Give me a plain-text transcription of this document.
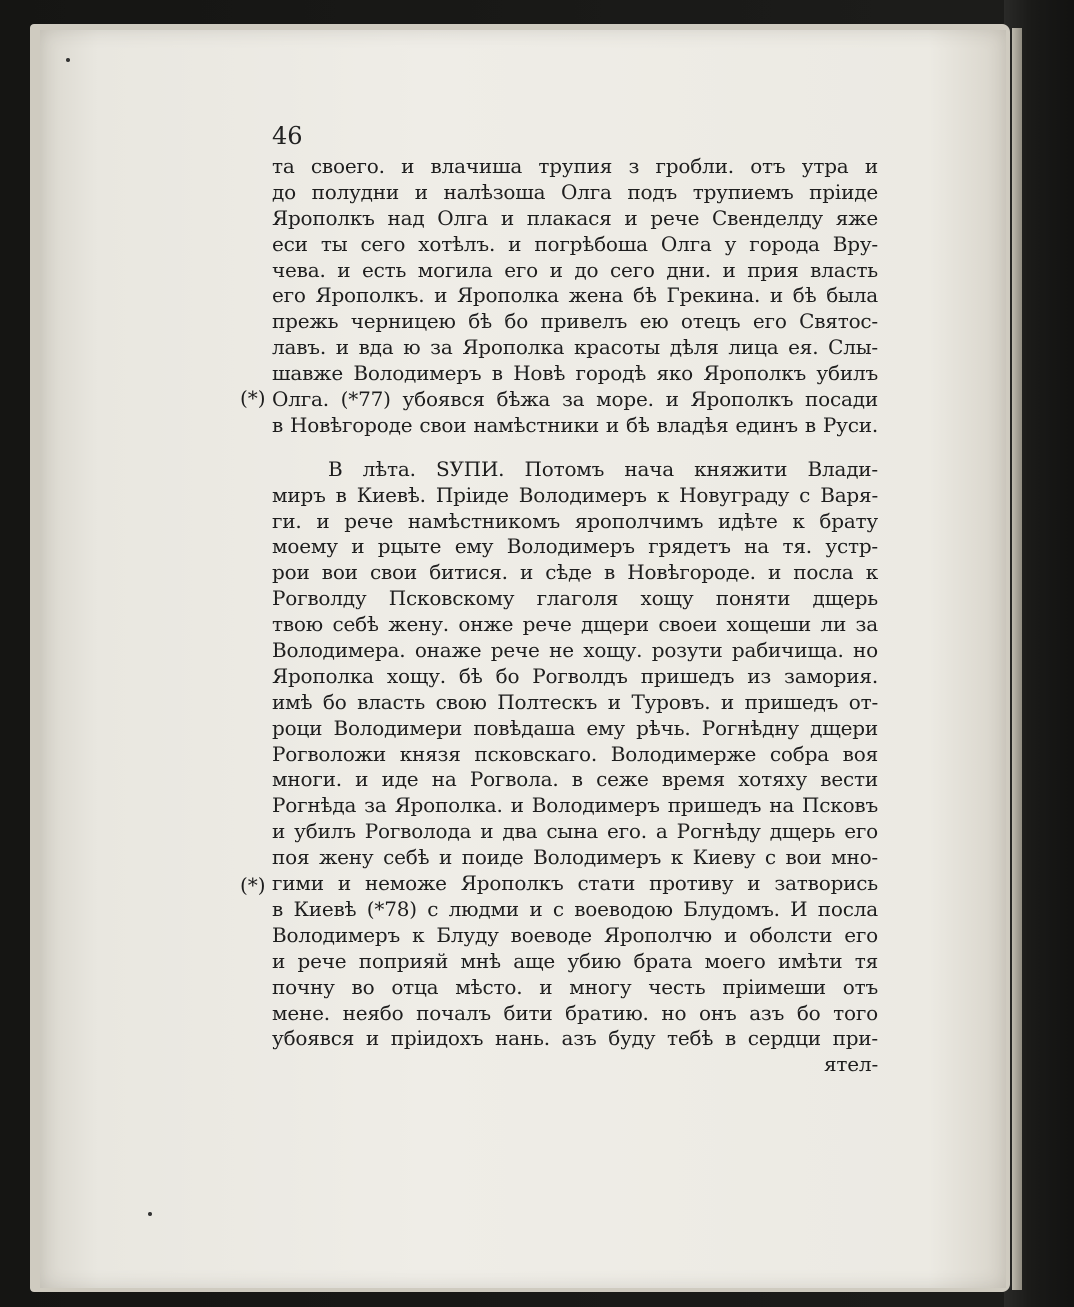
46
(*)
(*)
та своего. и влачиша трупия з гробли. отъ утра и
до полудни и налѣзоша Олга подъ трупиемъ прiиде
Ярополкъ над Олга и плакася и рече Свенделду яже
еси ты сего хотѣлъ. и погрѣбоша Олга у города Вру-
чева. и есть могила его и до сего дни. и прия власть
его Ярополкъ. и Ярополка жена бѣ Грекина. и бѣ была
прежь черницею бѣ бо привелъ ею отецъ его Святос-
лавъ. и вда ю за Ярополка красоты дѣля лица ея. Слы-
шавже Володимеръ в Новѣ городѣ яко Ярополкъ убилъ
Олга. (*77) убоявся бѣжа за море. и Ярополкъ посади
в Новѣгороде свои намѣстники и бѣ владѣя единъ в Руси.
В лѣта. ЅУПИ. Потомъ нача княжити Влади-
миръ в Киевѣ. Прiиде Володимеръ к Новуграду с Варя-
ги. и рече намѣстникомъ ярополчимъ идѣте к брату
моему и рцыте ему Володимеръ грядетъ на тя. устр-
рои вои свои битися. и сѣде в Новѣгороде. и посла к
Рогволду Псковскому глаголя хощу поняти дщерь
твою себѣ жену. онже рече дщери своеи хощеши ли за
Володимера. онаже рече не хощу. розути рабичища. но
Ярополка хощу. бѣ бо Рогволдъ пришедъ из замория.
имѣ бо власть свою Полтескъ и Туровъ. и пришедъ от-
роци Володимери повѣдаша ему рѣчь. Рогнѣдну дщери
Рогволожи князя псковскаго. Володимерже собра воя
многи. и иде на Рогвола. в сеже время хотяху вести
Рогнѣда за Ярополка. и Володимеръ пришедъ на Псковъ
и убилъ Рогволода и два сына его. а Рогнѣду дщерь его
поя жену себѣ и поиде Володимеръ к Киеву с вои мно-
гими и неможе Ярополкъ стати противу и затворись
в Киевѣ (*78) с людми и с воеводою Блудомъ. И посла
Володимеръ к Блуду воеводе Ярополчю и оболсти его
и рече поприяй мнѣ аще убию брата моего имѣти тя
почну во отца мѣсто. и многу честь прiимеши отъ
мене. неябо почалъ бити братию. но онъ азъ бо того
убоявся и прiидохъ нань. азъ буду тебѣ в сердци при-
ятел-
